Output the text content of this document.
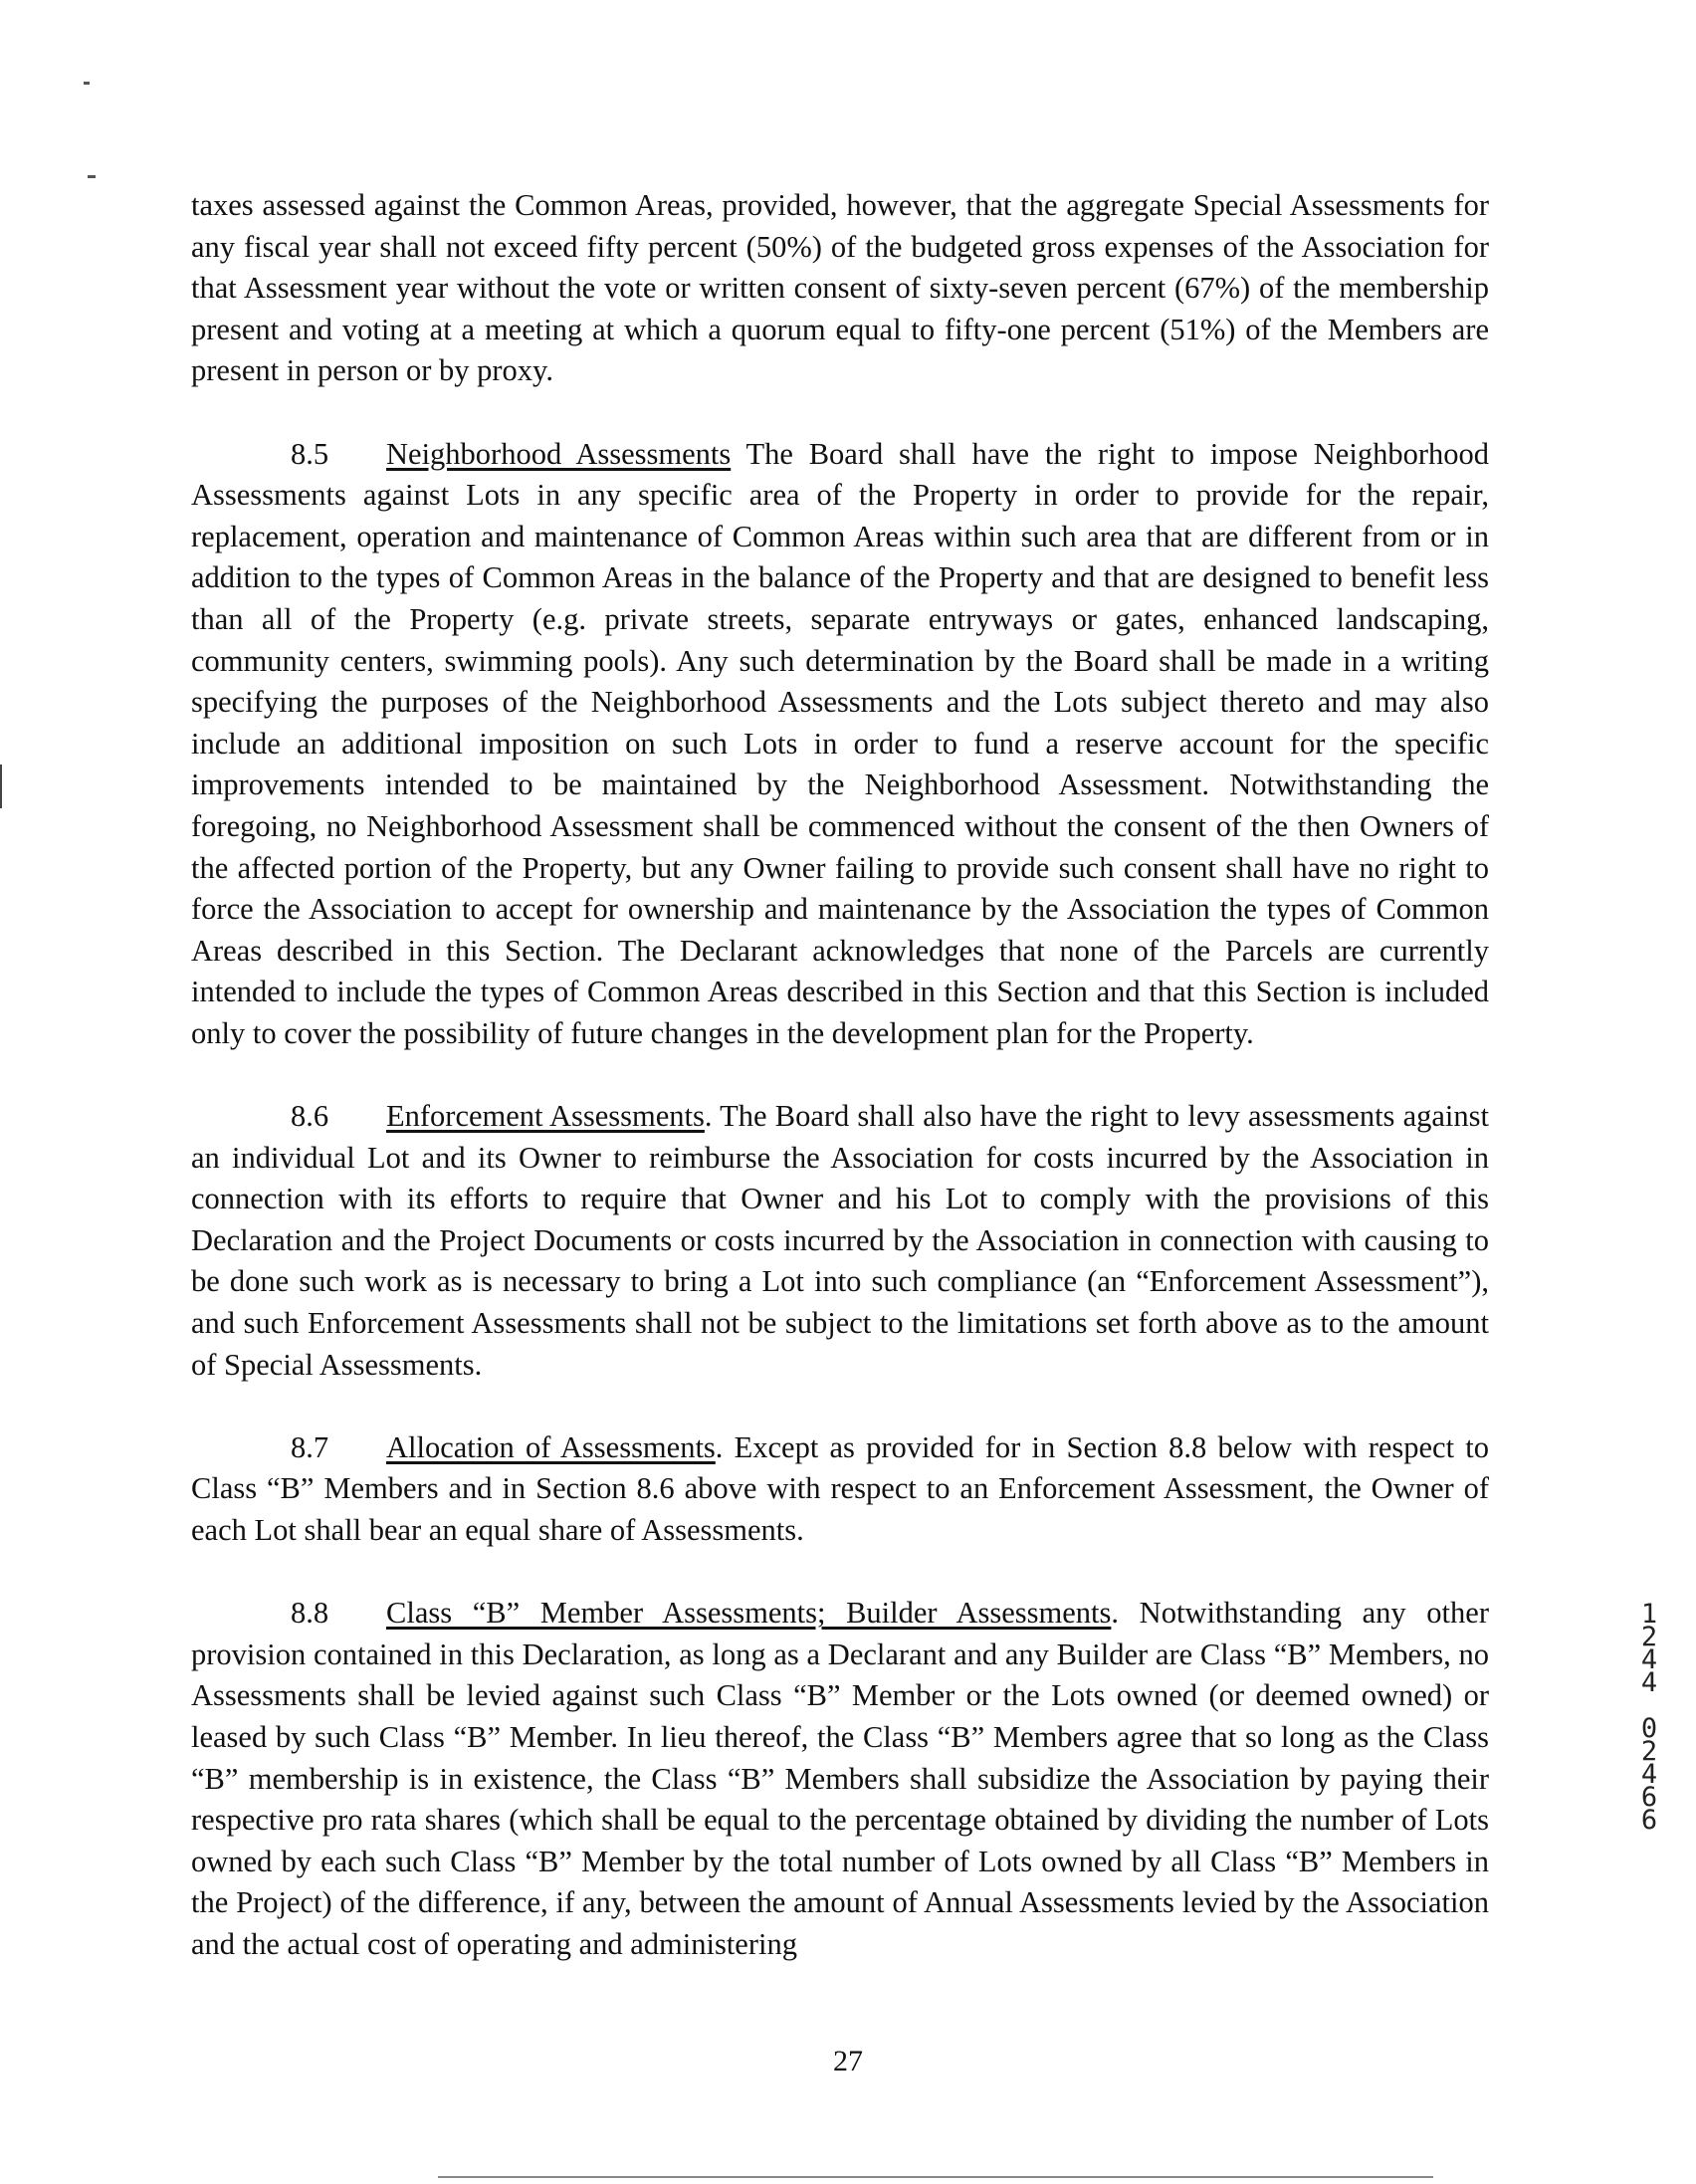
taxes assessed against the Common Areas, provided, however, that the aggregate Special Assessments for any fiscal year shall not exceed fifty percent (50%) of the budgeted gross expenses of the Association for that Assessment year without the vote or written consent of sixty-seven percent (67%) of the membership present and voting at a meeting at which a quorum equal to fifty-one percent (51%) of the Members are present in person or by proxy.

8.5 Neighborhood Assessments The Board shall have the right to impose Neighborhood Assessments against Lots in any specific area of the Property in order to provide for the repair, replacement, operation and maintenance of Common Areas within such area that are different from or in addition to the types of Common Areas in the balance of the Property and that are designed to benefit less than all of the Property (e.g. private streets, separate entryways or gates, enhanced landscaping, community centers, swimming pools). Any such determination by the Board shall be made in a writing specifying the purposes of the Neighborhood Assessments and the Lots subject thereto and may also include an additional imposition on such Lots in order to fund a reserve account for the specific improvements intended to be maintained by the Neighborhood Assessment. Notwithstanding the foregoing, no Neighborhood Assessment shall be commenced without the consent of the then Owners of the affected portion of the Property, but any Owner failing to provide such consent shall have no right to force the Association to accept for ownership and maintenance by the Association the types of Common Areas described in this Section. The Declarant acknowledges that none of the Parcels are currently intended to include the types of Common Areas described in this Section and that this Section is included only to cover the possibility of future changes in the development plan for the Property.

8.6 Enforcement Assessments. The Board shall also have the right to levy assessments against an individual Lot and its Owner to reimburse the Association for costs incurred by the Association in connection with its efforts to require that Owner and his Lot to comply with the provisions of this Declaration and the Project Documents or costs incurred by the Association in connection with causing to be done such work as is necessary to bring a Lot into such compliance (an “Enforcement Assessment”), and such Enforcement Assessments shall not be subject to the limitations set forth above as to the amount of Special Assessments.

8.7 Allocation of Assessments. Except as provided for in Section 8.8 below with respect to Class “B” Members and in Section 8.6 above with respect to an Enforcement Assessment, the Owner of each Lot shall bear an equal share of Assessments.

8.8 Class “B” Member Assessments; Builder Assessments. Notwithstanding any other provision contained in this Declaration, as long as a Declarant and any Builder are Class “B” Members, no Assessments shall be levied against such Class “B” Member or the Lots owned (or deemed owned) or leased by such Class “B” Member. In lieu thereof, the Class “B” Members agree that so long as the Class “B” membership is in existence, the Class “B” Members shall subsidize the Association by paying their respective pro rata shares (which shall be equal to the percentage obtained by dividing the number of Lots owned by each such Class “B” Member by the total number of Lots owned by all Class “B” Members in the Project) of the difference, if any, between the amount of Annual Assessments levied by the Association and the actual cost of operating and administering

1
2
4
4
0
2
4
6
6
27
